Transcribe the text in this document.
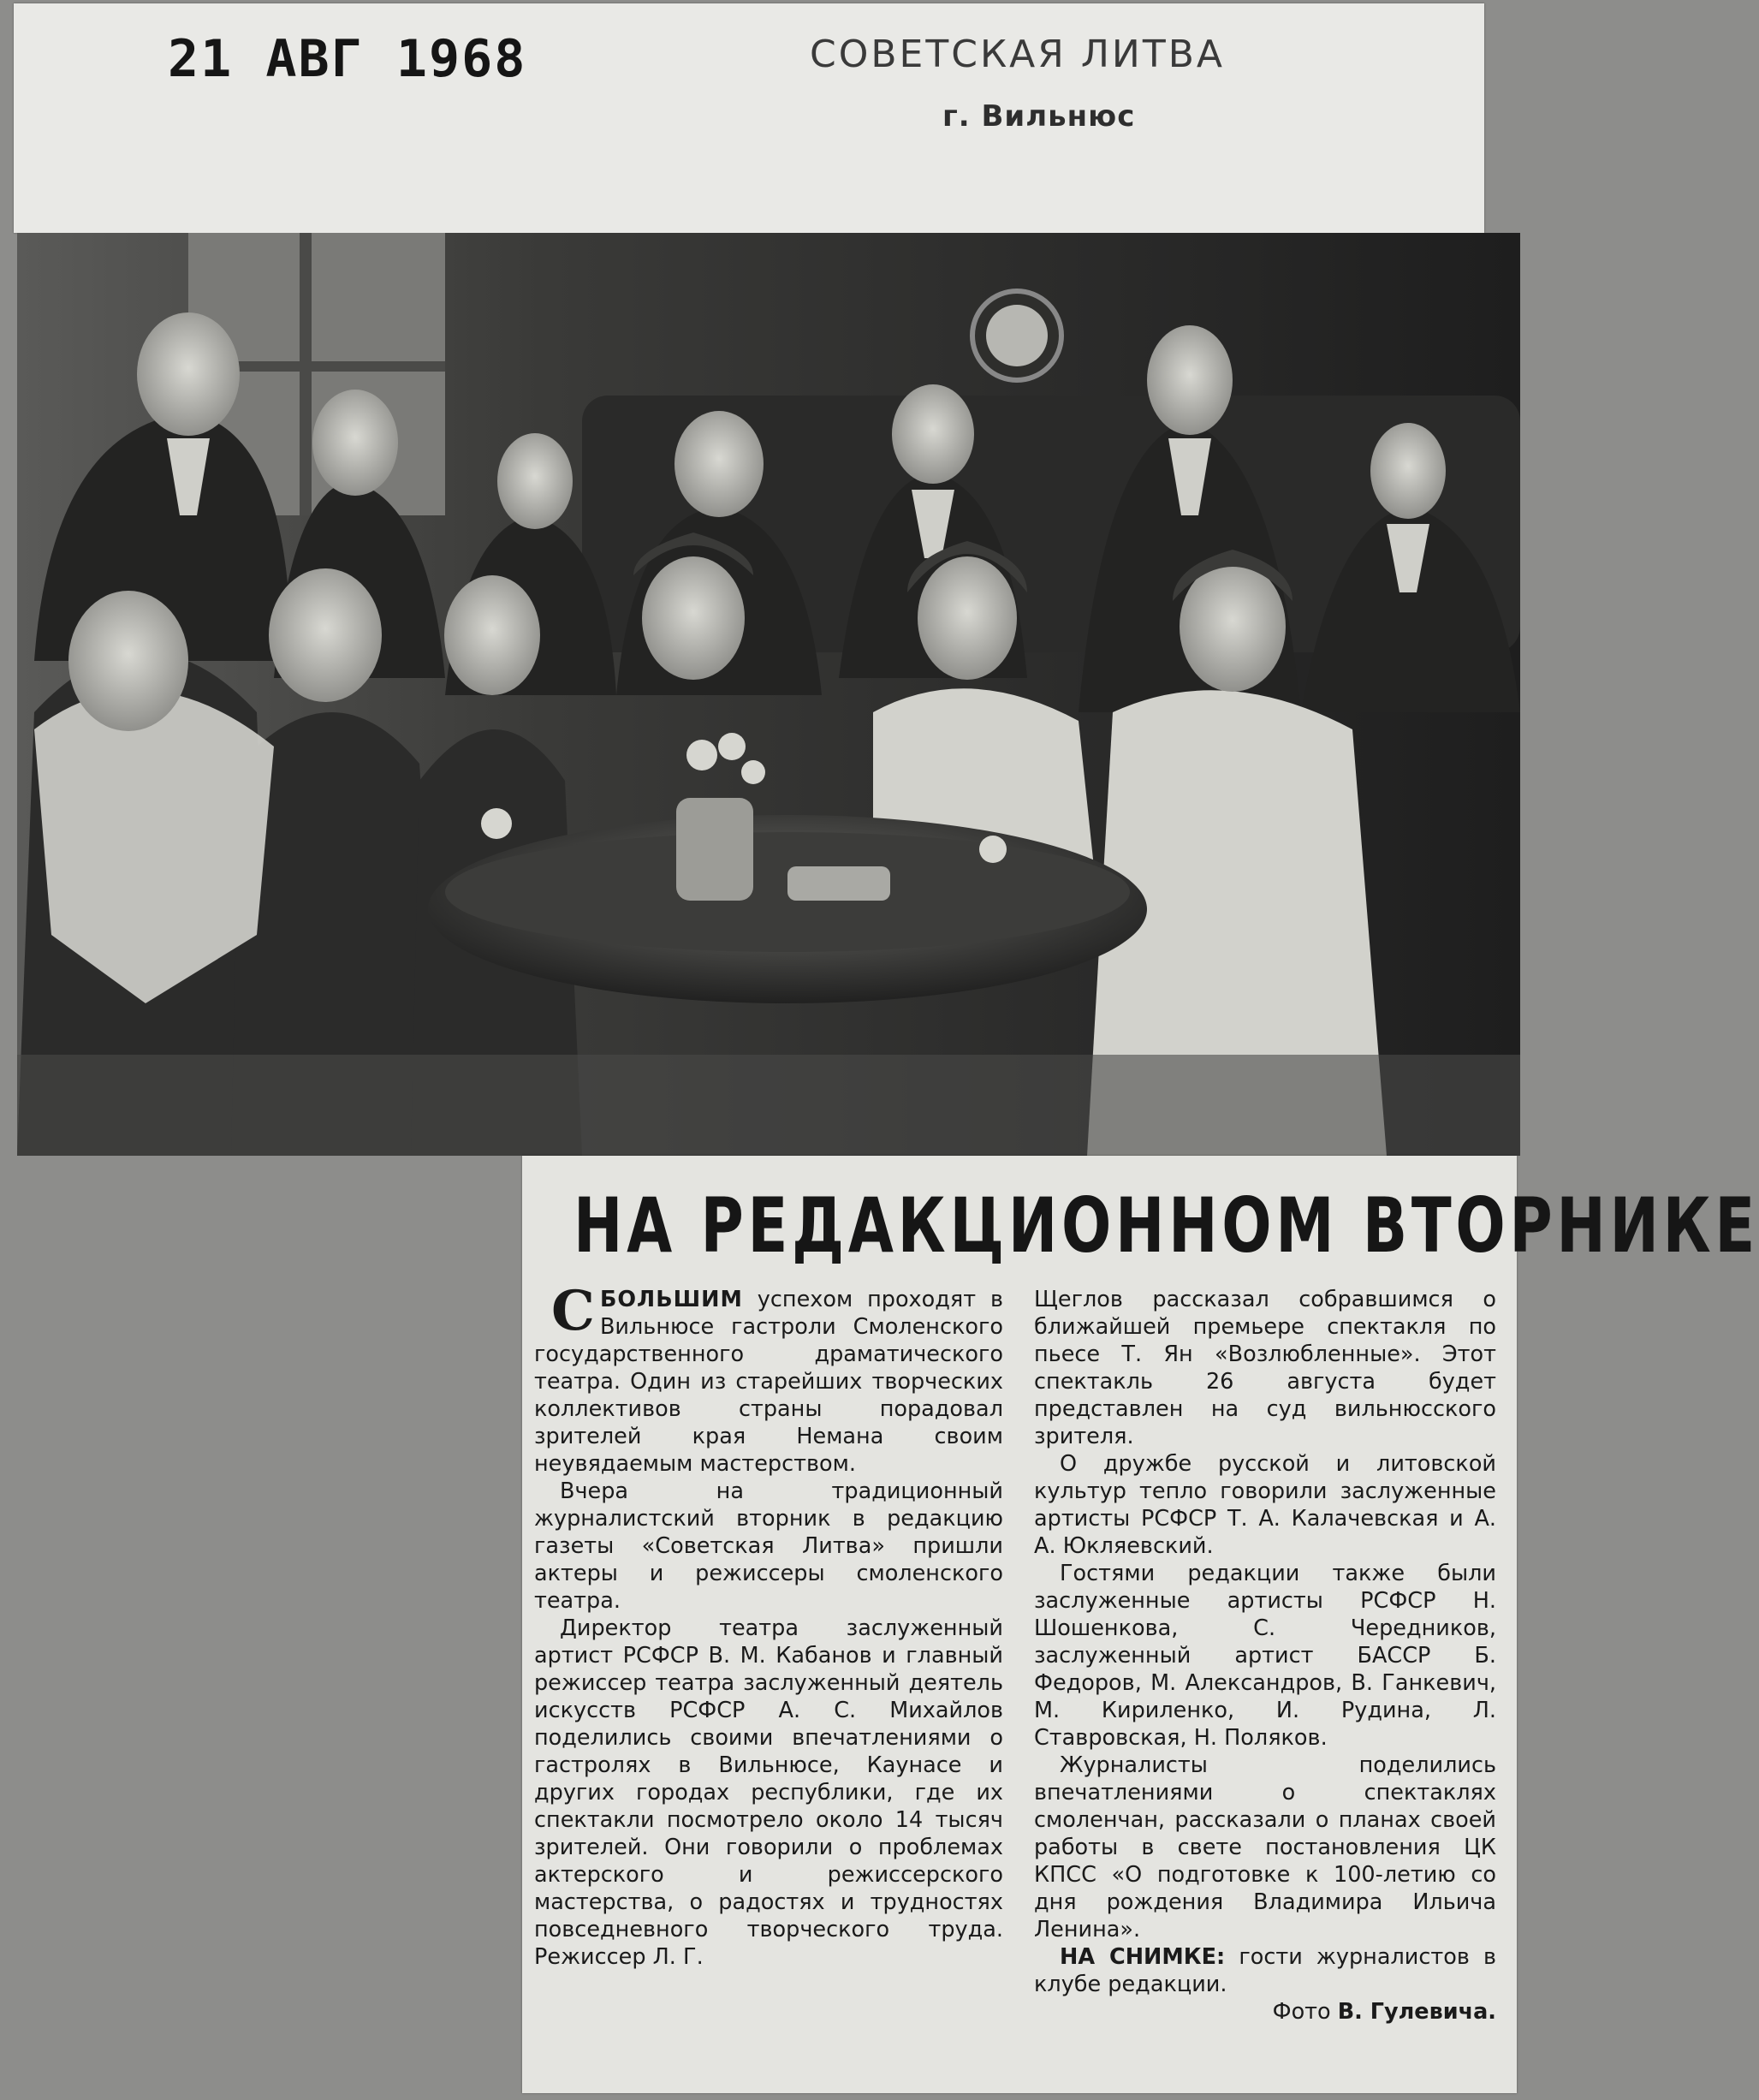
21 АВГ 1968	СОВЕТСКАЯ ЛИТВА
г. Вильнюс
НА РЕДАКЦИОННОМ ВТОРНИКЕ

СБОЛЬШИМ успехом проходят в Вильнюсе гастроли Смоленского государственного драматического театра. Один из старейших творческих коллективов страны порадовал зрителей края Немана своим неувядаемым мастерством.

Вчера на традиционный журналистский вторник в редакцию газеты «Советская Литва» пришли актеры и режиссеры смоленского театра.

Директор театра заслуженный артист РСФСР В. М. Кабанов и главный режиссер театра заслуженный деятель искусств РСФСР А. С. Михайлов поделились своими впечатлениями о гастролях в Вильнюсе, Каунасе и других городах республики, где их спектакли посмотрело около 14 тысяч зрителей. Они говорили о проблемах актерского и режиссерского мастерства, о радостях и трудностях повседневного творческого труда. Режиссер Л. Г.

Щеглов рассказал собравшимся о ближайшей премьере спектакля по пьесе Т. Ян «Возлюбленные». Этот спектакль 26 августа будет представлен на суд вильнюсского зрителя.

О дружбе русской и литовской культур тепло говорили заслуженные артисты РСФСР Т. А. Калачевская и А. А. Юкляевский.

Гостями редакции также были заслуженные артисты РСФСР Н. Шошенкова, С. Чередников, заслуженный артист БАССР Б. Федоров, М. Александров, В. Ганкевич, М. Кириленко, И. Рудина, Л. Ставровская, Н. Поляков.

Журналисты поделились впечатлениями о спектаклях смоленчан, рассказали о планах своей работы в свете постановления ЦК КПСС «О подготовке к 100-летию со дня рождения Владимира Ильича Ленина».

НА СНИМКЕ: гости журналистов в клубе редакции.

Фото В. Гулевича.
